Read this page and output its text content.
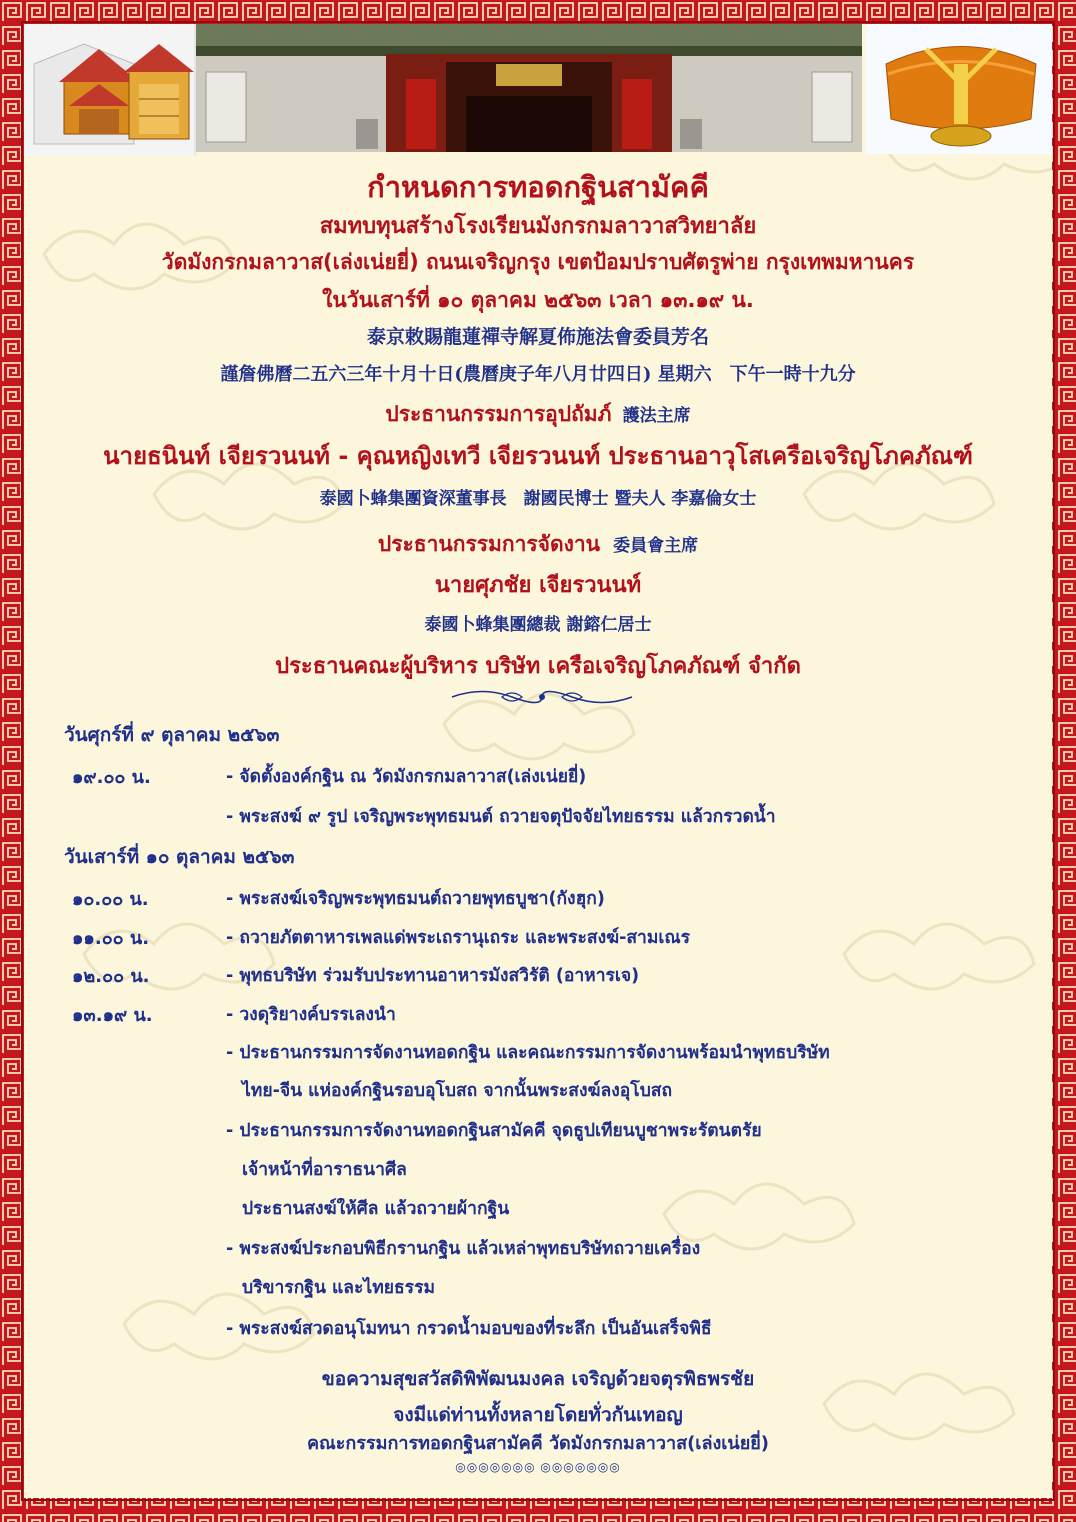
กำหนดการทอดกฐินสามัคคี
สมทบทุนสร้างโรงเรียนมังกรกมลาวาสวิทยาลัย
วัดมังกรกมลาวาส(เล่งเน่ยยี่) ถนนเจริญกรุง เขตป้อมปราบศัตรูพ่าย กรุงเทพมหานคร
ในวันเสาร์ที่ ๑๐ ตุลาคม ๒๕๖๓ เวลา ๑๓.๑๙ น.
泰京敕賜龍蓮禪寺解夏佈施法會委員芳名
謹詹佛曆二五六三年十月十日(農曆庚子年八月廿四日) 星期六　下午一時十九分
ประธานกรรมการอุปถัมภ์ 護法主席
นายธนินท์ เจียรวนนท์ - คุณหญิงเทวี เจียรวนนท์ ประธานอาวุโสเครือเจริญโภคภัณฑ์
泰國卜蜂集團資深董事長　謝國民博士 暨夫人 李嘉倫女士
ประธานกรรมการจัดงาน 委員會主席
นายศุภชัย เจียรวนนท์
泰國卜蜂集團總裁 謝鎔仁居士
ประธานคณะผู้บริหาร บริษัท เครือเจริญโภคภัณฑ์ จำกัด
วันศุกร์ที่ ๙ ตุลาคม ๒๕๖๓
๑๙.๐๐ น.	- จัดตั้งองค์กฐิน ณ วัดมังกรกมลาวาส(เล่งเน่ยยี่)
- พระสงฆ์ ๙ รูป เจริญพระพุทธมนต์ ถวายจตุปัจจัยไทยธรรม แล้วกรวดน้ำ
วันเสาร์ที่ ๑๐ ตุลาคม ๒๕๖๓
๑๐.๐๐ น.	- พระสงฆ์เจริญพระพุทธมนต์ถวายพุทธบูชา(กังฮุก)
๑๑.๐๐ น.	- ถวายภัตตาหารเพลแด่พระเถรานุเถระ และพระสงฆ์-สามเณร
๑๒.๐๐ น.	- พุทธบริษัท ร่วมรับประทานอาหารมังสวิรัติ (อาหารเจ)
๑๓.๑๙ น.	- วงดุริยางค์บรรเลงนำ
- ประธานกรรมการจัดงานทอดกฐิน และคณะกรรมการจัดงานพร้อมนำพุทธบริษัท
ไทย-จีน แห่องค์กฐินรอบอุโบสถ จากนั้นพระสงฆ์ลงอุโบสถ
- ประธานกรรมการจัดงานทอดกฐินสามัคคี จุดธูปเทียนบูชาพระรัตนตรัย
เจ้าหน้าที่อาราธนาศีล
ประธานสงฆ์ให้ศีล แล้วถวายผ้ากฐิน
- พระสงฆ์ประกอบพิธีกรานกฐิน แล้วเหล่าพุทธบริษัทถวายเครื่อง
บริขารกฐิน และไทยธรรม
- พระสงฆ์สวดอนุโมทนา กรวดน้ำมอบของที่ระลึก เป็นอันเสร็จพิธี
ขอความสุขสวัสดิพิพัฒนมงคล เจริญด้วยจตุรพิธพรชัย
จงมีแด่ท่านทั้งหลายโดยทั่วกันเทอญ
คณะกรรมการทอดกฐินสามัคคี วัดมังกรกมลาวาส(เล่งเน่ยยี่)
◎◎◎◎◎◎◎ ◎◎◎◎◎◎◎
